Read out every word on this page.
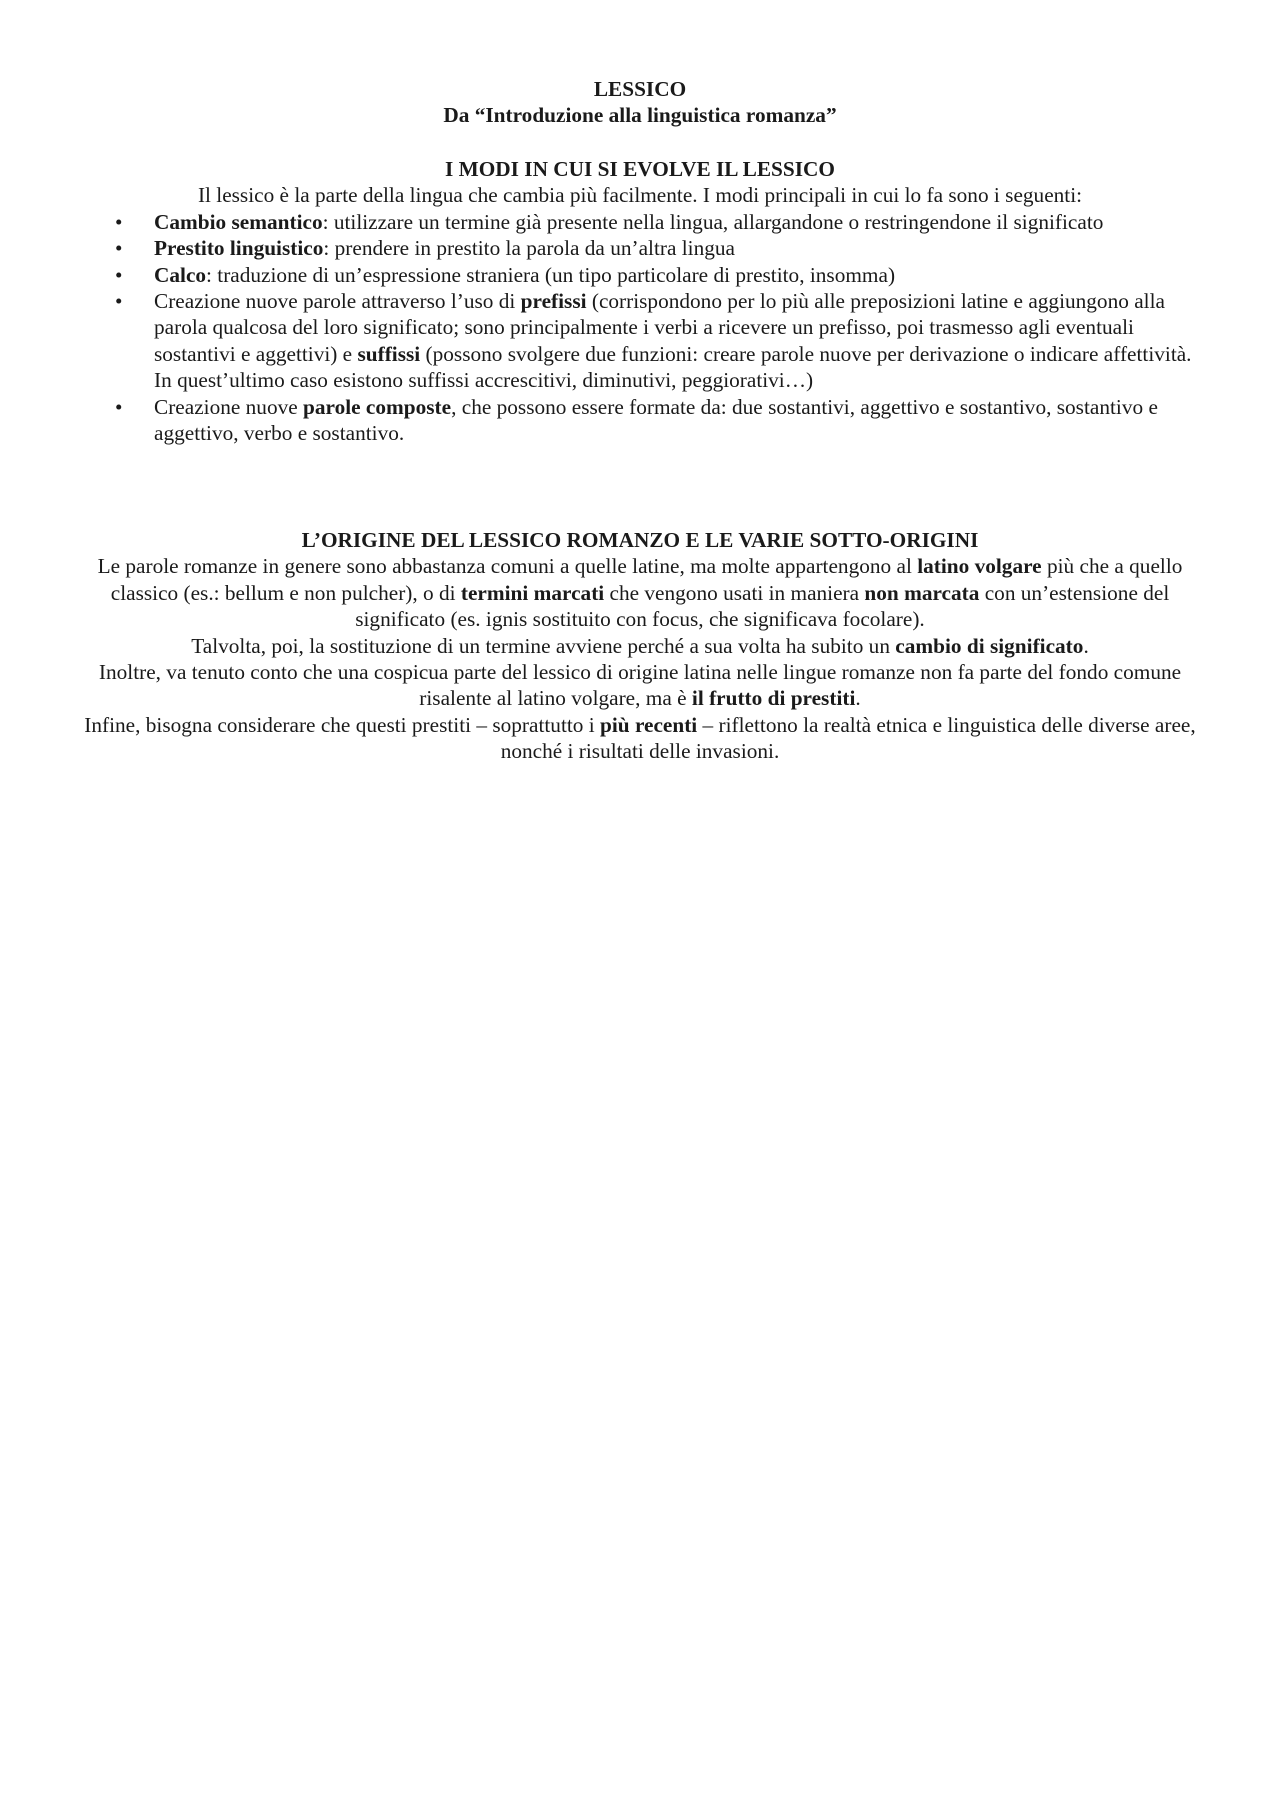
LESSICO
Da “Introduzione alla linguistica romanza”
I MODI IN CUI SI EVOLVE IL LESSICO
Il lessico è la parte della lingua che cambia più facilmente. I modi principali in cui lo fa sono i seguenti:
• Cambio semantico: utilizzare un termine già presente nella lingua, allargandone o restringendone il significato
• Prestito linguistico: prendere in prestito la parola da un’altra lingua
• Calco: traduzione di un’espressione straniera (un tipo particolare di prestito, insomma)
• Creazione nuove parole attraverso l’uso di prefissi (corrispondono per lo più alle preposizioni latine e aggiungono alla parola qualcosa del loro significato; sono principalmente i verbi a ricevere un prefisso, poi trasmesso agli eventuali sostantivi e aggettivi) e suffissi (possono svolgere due funzioni: creare parole nuove per derivazione o indicare affettività. In quest’ultimo caso esistono suffissi accrescitivi, diminutivi, peggiorativi…)
• Creazione nuove parole composte, che possono essere formate da: due sostantivi, aggettivo e sostantivo, sostantivo e aggettivo, verbo e sostantivo.
L’ORIGINE DEL LESSICO ROMANZO E LE VARIE SOTTO-ORIGINI

Le parole romanze in genere sono abbastanza comuni a quelle latine, ma molte appartengono al latino volgare più che a quello classico (es.: bellum e non pulcher), o di termini marcati che vengono usati in maniera non marcata con un’estensione del significato (es. ignis sostituito con focus, che significava focolare).

Talvolta, poi, la sostituzione di un termine avviene perché a sua volta ha subito un cambio di significato.

Inoltre, va tenuto conto che una cospicua parte del lessico di origine latina nelle lingue romanze non fa parte del fondo comune risalente al latino volgare, ma è il frutto di prestiti.

Infine, bisogna considerare che questi prestiti – soprattutto i più recenti – riflettono la realtà etnica e linguistica delle diverse aree, nonché i risultati delle invasioni.
